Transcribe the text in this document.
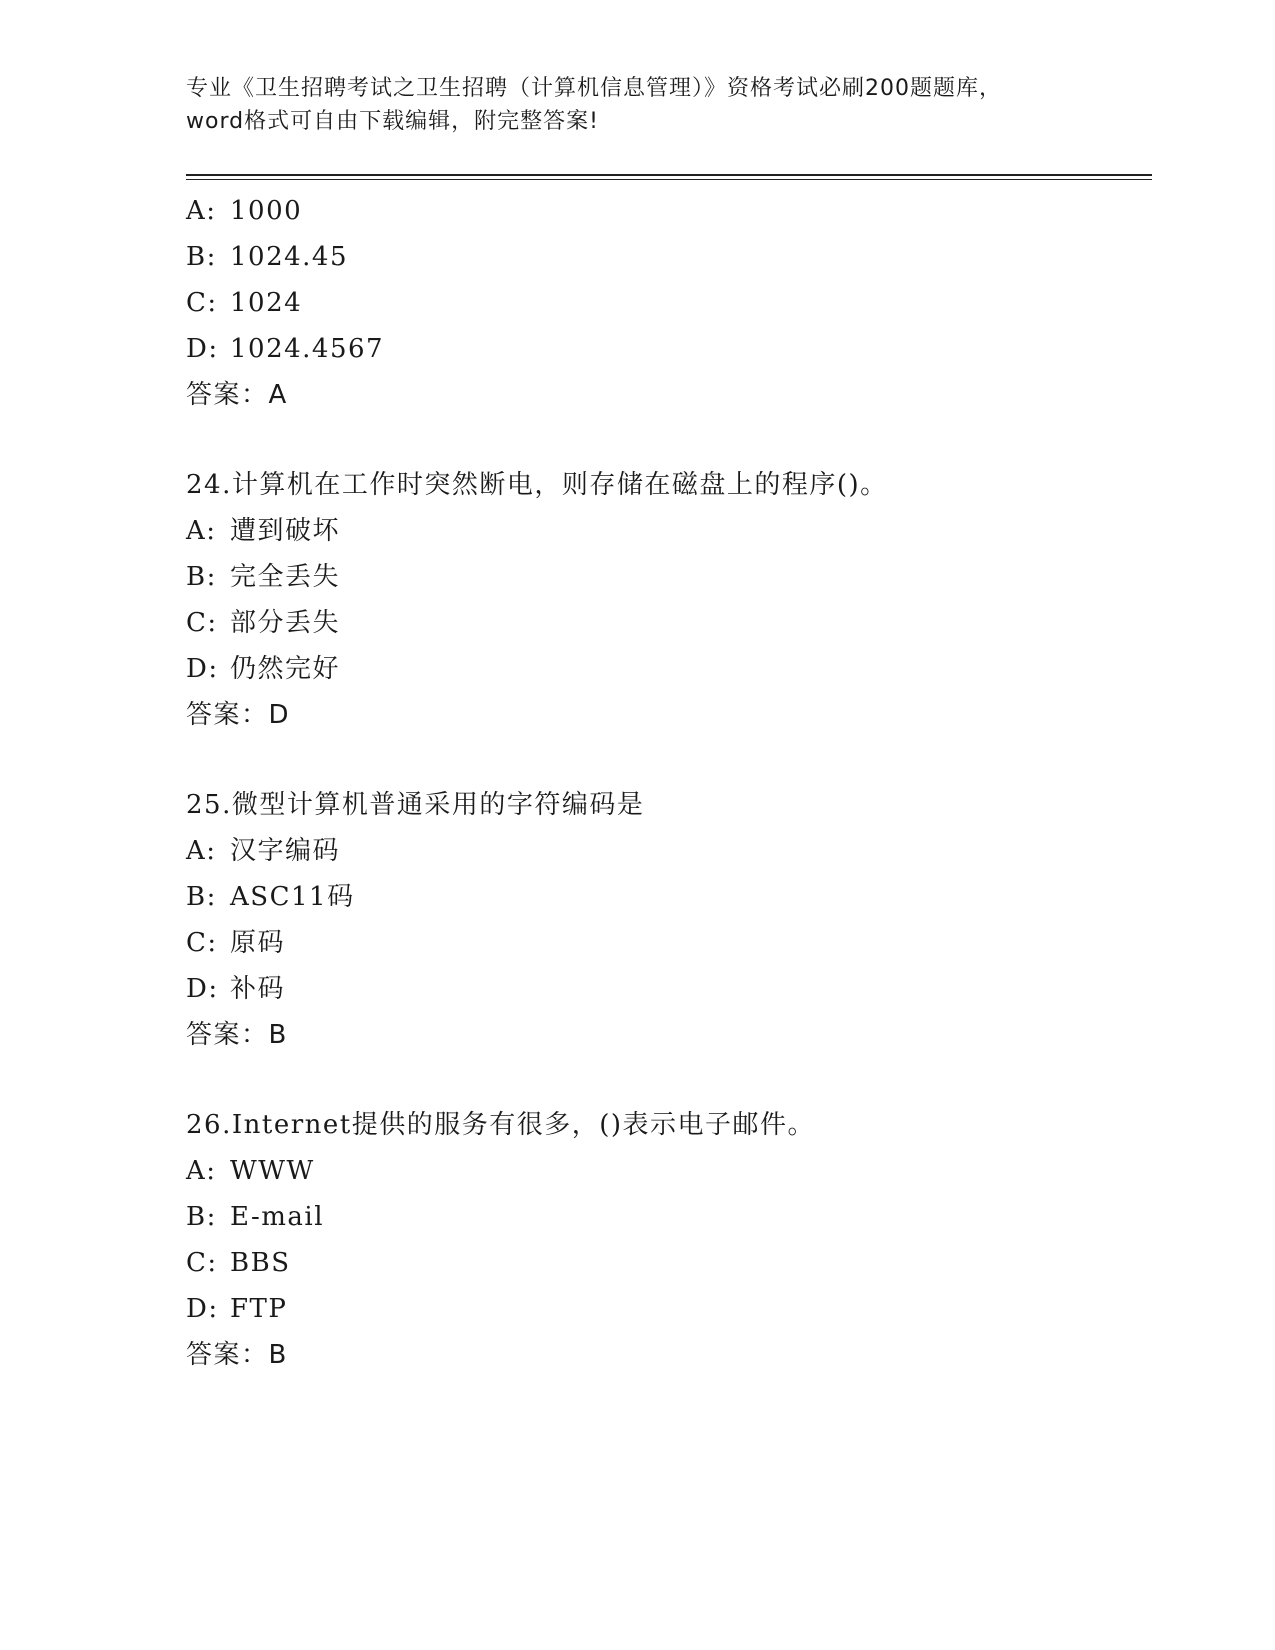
专业《卫生招聘考试之卫生招聘（计算机信息管理）》资格考试必刷200题题库，
word格式可自由下载编辑，附完整答案!
A: 1000
B: 1024.45
C: 1024
D: 1024.4567
答案：A
24.计算机在工作时突然断电，则存储在磁盘上的程序()。
A: 遭到破坏
B: 完全丢失
C: 部分丢失
D: 仍然完好
答案：D
25.微型计算机普通采用的字符编码是
A: 汉字编码
B: ASC11码
C: 原码
D: 补码
答案：B
26.Internet提供的服务有很多，()表示电子邮件。
A: WWW
B: E-mail
C: BBS
D: FTP
答案：B
